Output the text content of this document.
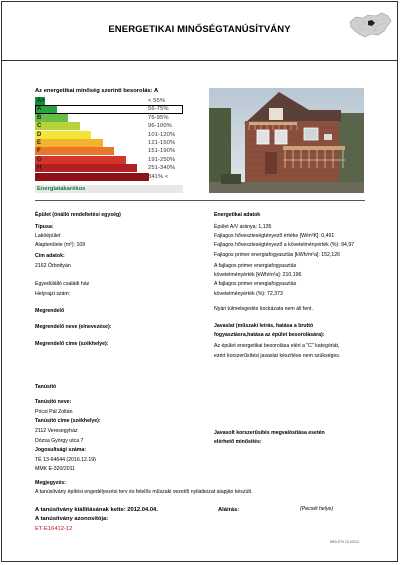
ENERGETIKAI MINŐSÉGTANÚSÍTVÁNY
Az energetikai minőség szerinti besorolás: A
A+	< 55%
A	56-75%
B	76-95%
C	96-100%
D	101-120%
E	121-150%
F	151-190%
G	191-250%
H	251-340%
I	341% <
Energiatakarékos
Épület (önálló rendeltetési egység)
Típusa:
Lakóépület
Alapterülete (m²): 109
Cím adatok:
2162 Őrbottyán
Egyedülálló családi ház
Helyrajzi szám:
Megrendelő
Megrendelő neve (elnevezése):
Megrendelő címe (székhelye):
Energetikai adatok
Épület A/V aránya: 1,135
Fajlagos hőveszteségtényező értéke [W/m³K]: 0,491
Fajlagos hőveszteségtényező a követelményérték (%): 94,97
Fajlagos primer energiafogyasztás [kWh/m²a]: 152,126
A fajlagos primer energiafogyasztás
követelményérték [kWh/m²a]: 210,196
A fajlagos primer energiafogyasztás
követelményérték (%): 72,373
Nyári túlmelegedés kockázata nem áll fent.
Javaslat (műszaki leírás, hatása a bruttó
fogyasztásra,hatása az épület besorolására):
Az épület energetikai besorolása eléri a "C" kategóriát,
ezért korszerűsítési javaslat készítése nem szükséges.
Tanúsító
Tanúsító neve:
Pócsi Pál Zoltán
Tanúsító címe (székhelye):
2112 Veresegyház
Dózsa György utca 7
Jogosultsági száma:
TÉ 13-64644 (2016.12.19)
MMK E-320/2011
Javasolt korszerűsítés megvalósítása esetén
elérhető minősítés:
Megjegyzés:
A tanúsítvány építési engedélyezési terv és felelős műszaki vezetői nyilatkozat alapján készült.
A tanúsítvány kiállításának kelte: 2012.04.04.	Aláírás:	(Pecsét helye)
A tanúsítvány azonosítója:
ET-E16412-12
MÉA-ETK 11/1/2013
